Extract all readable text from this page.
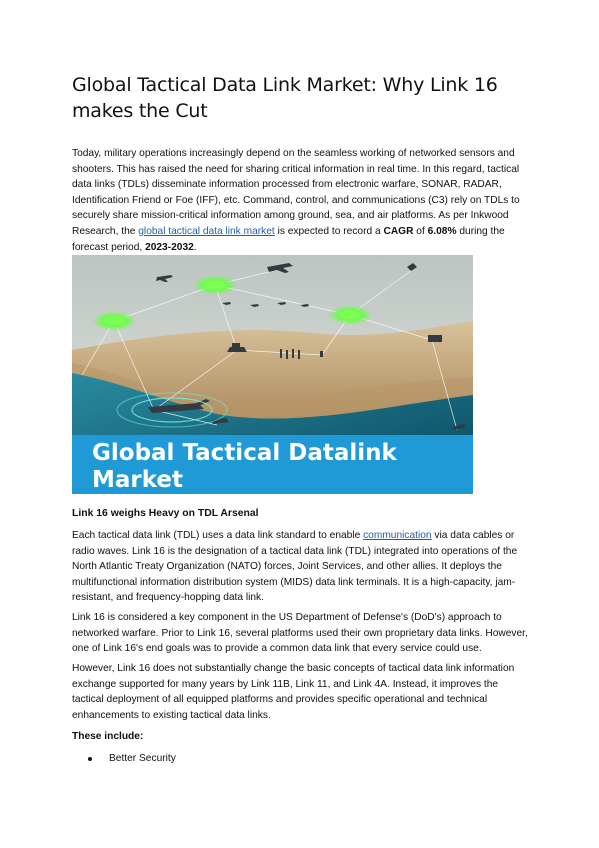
Global Tactical Data Link Market: Why Link 16 makes the Cut

Today, military operations increasingly depend on the seamless working of networked sensors and shooters. This has raised the need for sharing critical information in real time. In this regard, tactical data links (TDLs) disseminate information processed from electronic warfare, SONAR, RADAR, Identification Friend or Foe (IFF), etc. Command, control, and communications (C3) rely on TDLs to securely share mission-critical information among ground, sea, and air platforms. As per Inkwood Research, the global tactical data link market is expected to record a CAGR of 6.08% during the forecast period, 2023-2032.

Global Tactical Datalink
Market

Link 16 weighs Heavy on TDL Arsenal

Each tactical data link (TDL) uses a data link standard to enable communication via data cables or radio waves. Link 16 is the designation of a tactical data link (TDL) integrated into operations of the North Atlantic Treaty Organization (NATO) forces, Joint Services, and other allies. It deploys the multifunctional information distribution system (MIDS) data link terminals. It is a high-capacity, jam-resistant, and frequency-hopping data link.

Link 16 is considered a key component in the US Department of Defense's (DoD's) approach to networked warfare. Prior to Link 16, several platforms used their own proprietary data links. However, one of Link 16's end goals was to provide a common data link that every service could use.

However, Link 16 does not substantially change the basic concepts of tactical data link information exchange supported for many years by Link 11B, Link 11, and Link 4A. Instead, it improves the tactical deployment of all equipped platforms and provides specific operational and technical enhancements to existing tactical data links.

These include:

Better Security
